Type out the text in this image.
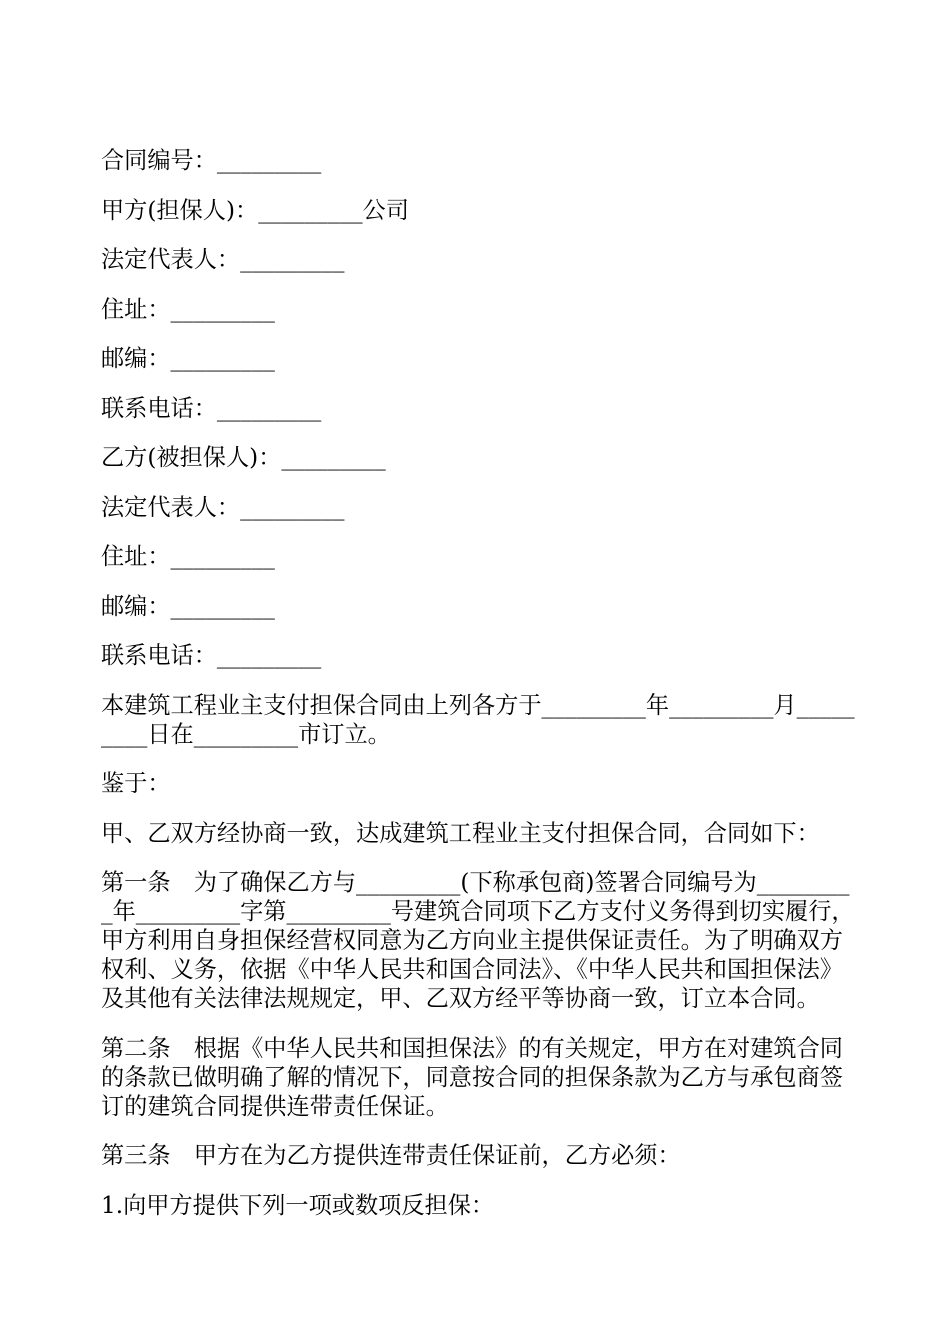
合同编号：_________
甲方(担保人)：_________公司
法定代表人：_________
住址：_________
邮编：_________
联系电话：_________
乙方(被担保人)：_________
法定代表人：_________
住址：_________
邮编：_________
联系电话：_________
本建筑工程业主支付担保合同由上列各方于_________年_________月_________日在_________市订立。
鉴于：
甲、乙双方经协商一致，达成建筑工程业主支付担保合同，合同如下：
第一条　为了确保乙方与_________(下称承包商)签署合同编号为_________年_________字第_________号建筑合同项下乙方支付义务得到切实履行，甲方利用自身担保经营权同意为乙方向业主提供保证责任。为了明确双方权利、义务，依据《中华人民共和国合同法》、《中华人民共和国担保法》及其他有关法律法规规定，甲、乙双方经平等协商一致，订立本合同。
第二条　根据《中华人民共和国担保法》的有关规定，甲方在对建筑合同的条款已做明确了解的情况下，同意按合同的担保条款为乙方与承包商签订的建筑合同提供连带责任保证。
第三条　甲方在为乙方提供连带责任保证前，乙方必须：
1.向甲方提供下列一项或数项反担保：
